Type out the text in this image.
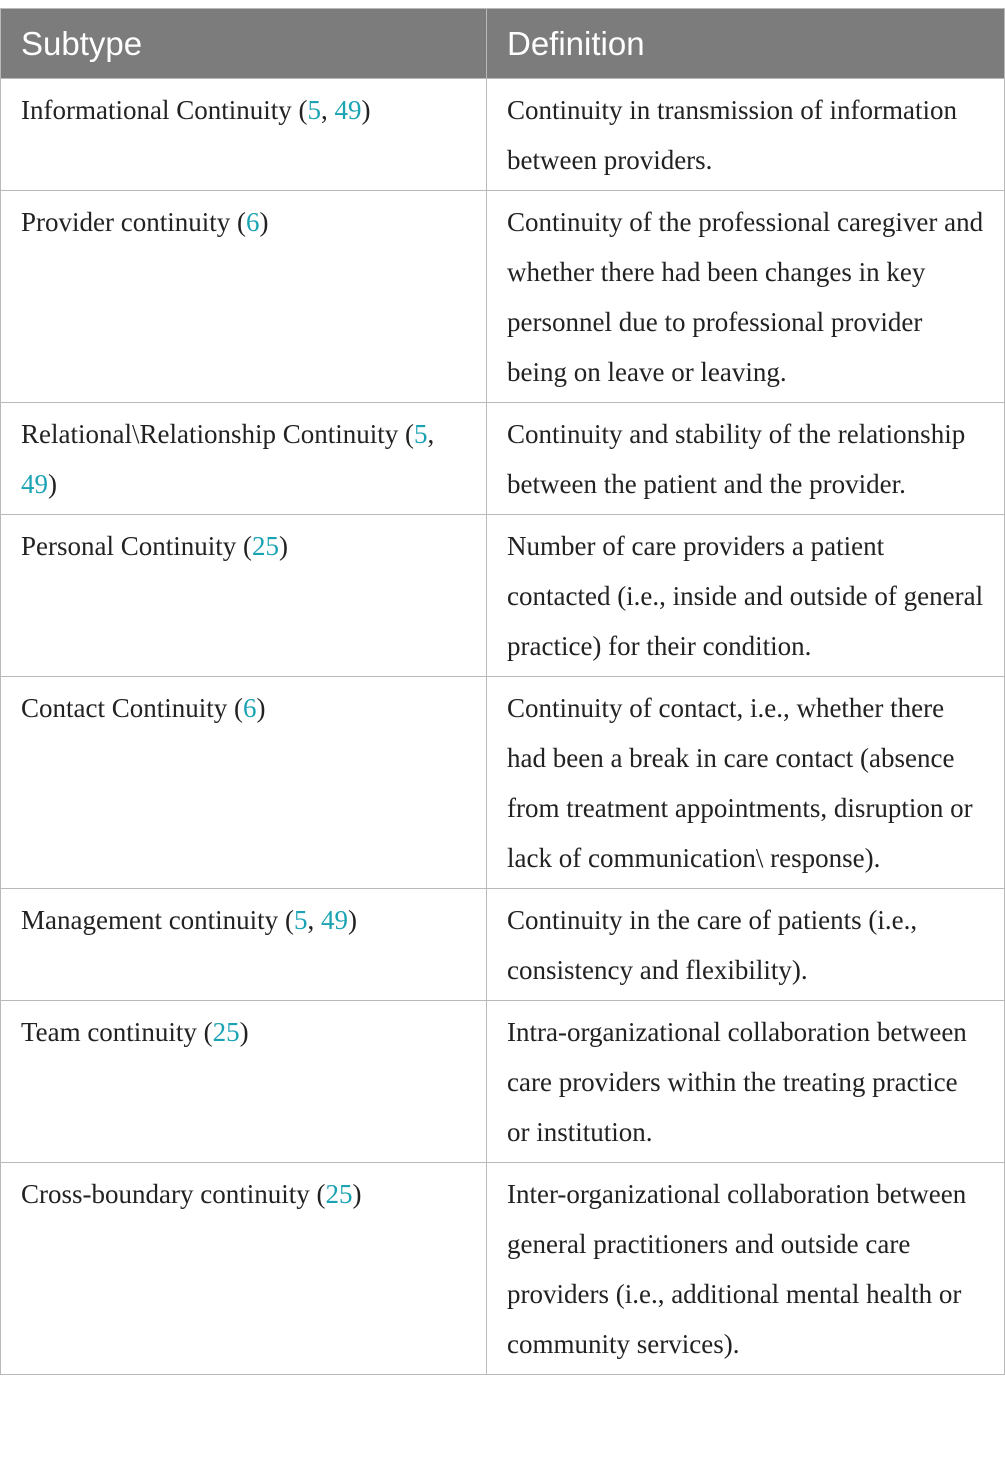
Subtype	Definition
Informational Continuity (5, 49)	Continuity in transmission of information between providers.
Provider continuity (6)	Continuity of the professional caregiver and whether there had been changes in key personnel due to professional provider being on leave or leaving.
Relational\Relationship Continuity (5, 49)	Continuity and stability of the relationship between the patient and the provider.
Personal Continuity (25)	Number of care providers a patient contacted (i.e., inside and outside of general practice) for their condition.
Contact Continuity (6)	Continuity of contact, i.e., whether there had been a break in care contact (absence from treatment appointments, disruption or lack of communication\ response).
Management continuity (5, 49)	Continuity in the care of patients (i.e., consistency and flexibility).
Team continuity (25)	Intra-organizational collaboration between care providers within the treating practice or institution.
Cross-boundary continuity (25)	Inter-organizational collaboration between general practitioners and outside care providers (i.e., additional mental health or community services).
